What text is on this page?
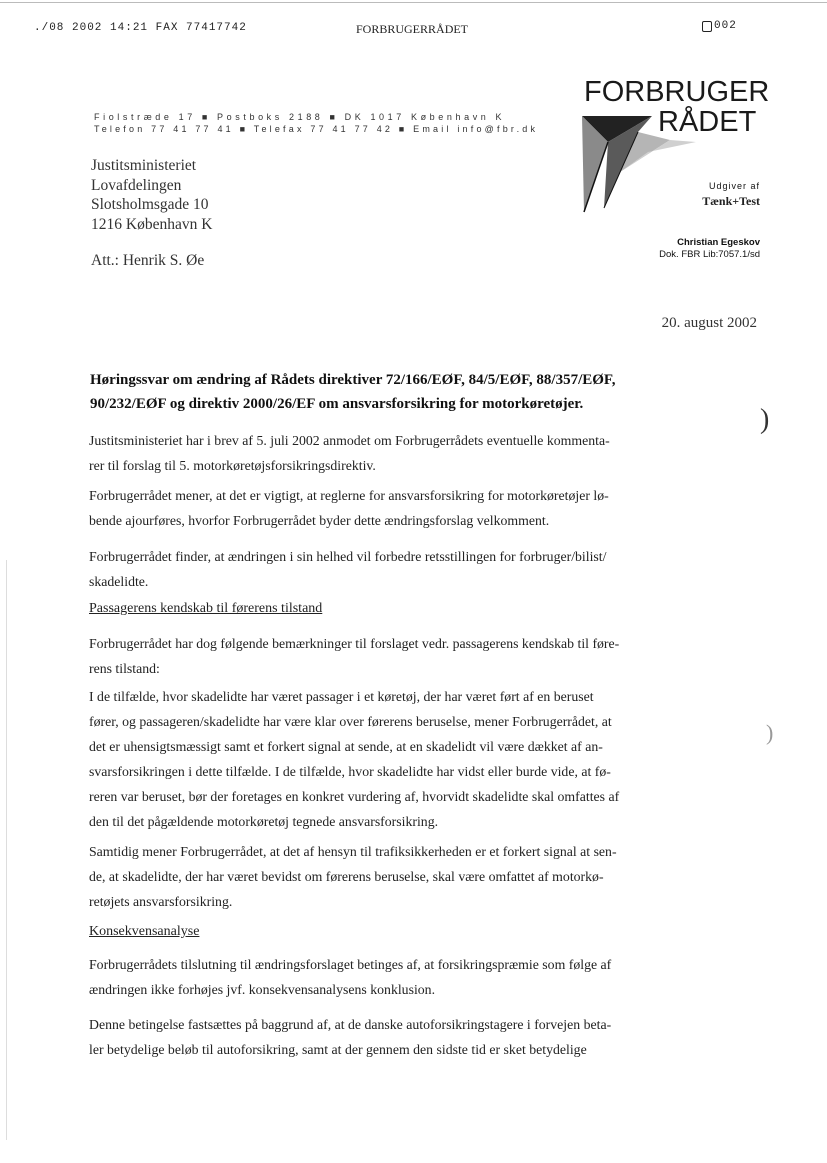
./08 2002 14:21 FAX 77417742	FORBRUGERRÅDET	002
Fiolstræde 17 ■ Postboks 2188 ■ DK 1017 København K
Telefon 77 41 77 41 ■ Telefax 77 41 77 42 ■ Email info@fbr.dk
FORBRUGER
RÅDET
Udgiver af
Tænk+Test
Justitsministeriet
Lovafdelingen
Slotsholmsgade 10
1216 København K
Att.: Henrik S. Øe
Christian Egeskov
Dok. FBR Lib:7057.1/sd
20. august 2002
Høringssvar om ændring af Rådets direktiver 72/166/EØF, 84/5/EØF, 88/357/EØF,
90/232/EØF og direktiv 2000/26/EF om ansvarsforsikring for motorkøretøjer.	)
)
Justitsministeriet har i brev af 5. juli 2002 anmodet om Forbrugerrådets eventuelle kommenta-
rer til forslag til 5. motorkøretøjsforsikringsdirektiv.
Forbrugerrådet mener, at det er vigtigt, at reglerne for ansvarsforsikring for motorkøretøjer lø-
bende ajourføres, hvorfor Forbrugerrådet byder dette ændringsforslag velkomment.
Forbrugerrådet finder, at ændringen i sin helhed vil forbedre retsstillingen for forbruger/bilist/
skadelidte.
Passagerens kendskab til førerens tilstand
Forbrugerrådet har dog følgende bemærkninger til forslaget vedr. passagerens kendskab til føre-
rens tilstand:
I de tilfælde, hvor skadelidte har været passager i et køretøj, der har været ført af en beruset
fører, og passageren/skadelidte har være klar over førerens beruselse, mener Forbrugerrådet, at
det er uhensigtsmæssigt samt et forkert signal at sende, at en skadelidt vil være dækket af an-
svarsforsikringen i dette tilfælde. I de tilfælde, hvor skadelidte har vidst eller burde vide, at fø-
reren var beruset, bør der foretages en konkret vurdering af, hvorvidt skadelidte skal omfattes af
den til det pågældende motorkøretøj tegnede ansvarsforsikring.
Samtidig mener Forbrugerrådet, at det af hensyn til trafiksikkerheden er et forkert signal at sen-
de, at skadelidte, der har været bevidst om førerens beruselse, skal være omfattet af motorkø-
retøjets ansvarsforsikring.
Konsekvensanalyse
Forbrugerrådets tilslutning til ændringsforslaget betinges af, at forsikringspræmie som følge af
ændringen ikke forhøjes jvf. konsekvensanalysens konklusion.
Denne betingelse fastsættes på baggrund af, at de danske autoforsikringstagere i forvejen beta-
ler betydelige beløb til autoforsikring, samt at der gennem den sidste tid er sket betydelige
